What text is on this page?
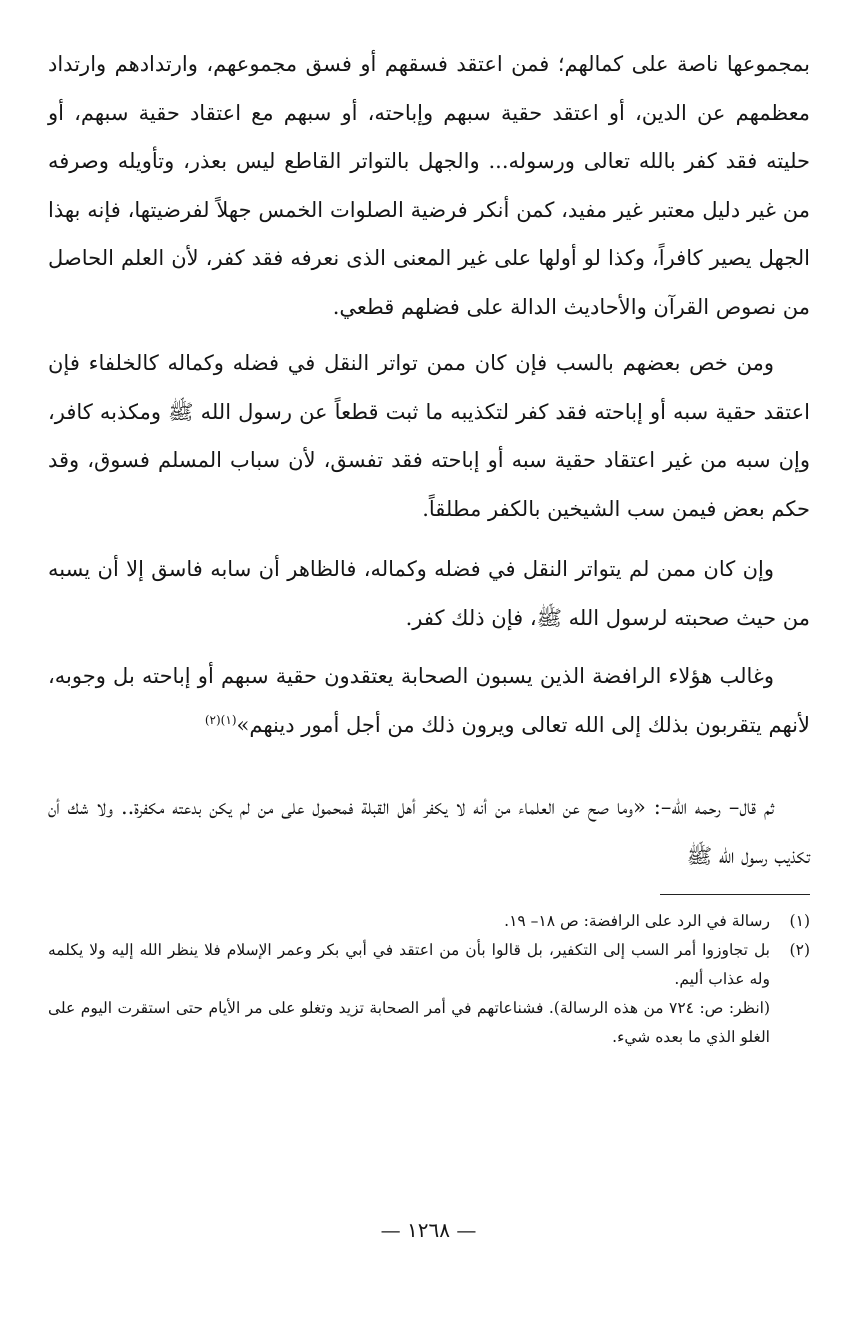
بمجموعها ناصة على كمالهم؛ فمن اعتقد فسقهم أو فسق مجموعهم، وارتدادهم وارتداد معظمهم عن الدين، أو اعتقد حقية سبهم وإباحته، أو سبهم مع اعتقاد حقية سبهم، أو حليته فقد كفر بالله تعالى ورسوله... والجهل بالتواتر القاطع ليس بعذر، وتأويله وصرفه من غير دليل معتبر غير مفيد، كمن أنكر فرضية الصلوات الخمس جهلاً لفرضيتها، فإنه بهذا الجهل يصير كافراً، وكذا لو أولها على غير المعنى الذى نعرفه فقد كفر، لأن العلم الحاصل من نصوص القرآن والأحاديث الدالة على فضلهم قطعي.

ومن خص بعضهم بالسب فإن كان ممن تواتر النقل في فضله وكماله كالخلفاء فإن اعتقد حقية سبه أو إباحته فقد كفر لتكذيبه ما ثبت قطعاً عن رسول الله ﷺ ومكذبه كافر، وإن سبه من غير اعتقاد حقية سبه أو إباحته فقد تفسق، لأن سباب المسلم فسوق، وقد حكم بعض فيمن سب الشيخين بالكفر مطلقاً.

وإن كان ممن لم يتواتر النقل في فضله وكماله، فالظاهر أن سابه فاسق إلا أن يسبه من حيث صحبته لرسول الله ﷺ، فإن ذلك كفر.

وغالب هؤلاء الرافضة الذين يسبون الصحابة يعتقدون حقية سبهم أو إباحته بل وجوبه، لأنهم يتقربون بذلك إلى الله تعالى ويرون ذلك من أجل أمور دينهم»$^{(١)(٢)}$

ثم قال– رحمه الله–: «وما صح عن العلماء من أنه لا يكفر أهل القبلة فمحمول على من لم يكن بدعته مكفرة.. ولا شك أن تكذيب رسول الله ﷺ

(١)
رسالة في الرد على الرافضة: ص ١٨– ١٩.
(٢)
بل تجاوزوا أمر السب إلى التكفير، بل قالوا بأن من اعتقد في أبي بكر وعمر الإسلام فلا ينظر الله إليه ولا يكلمه وله عذاب أليم.
(انظر: ص: ٧٢٤ من هذه الرسالة). فشناعاتهم في أمر الصحابة تزيد وتغلو على مر الأيام حتى استقرت اليوم على الغلو الذي ما بعده شيء.
— ١٢٦٨ —
